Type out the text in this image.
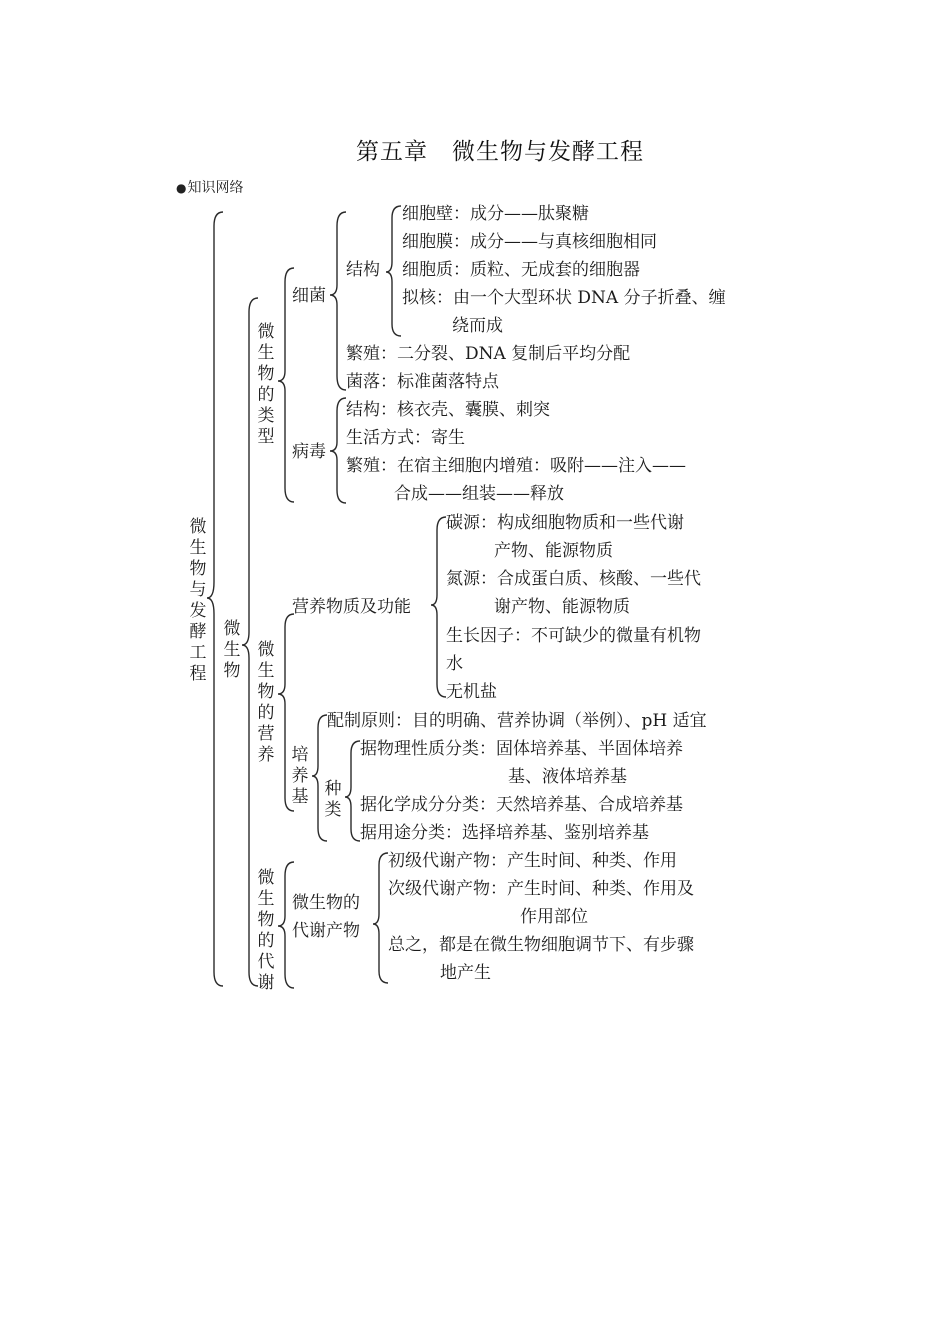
第五章　微生物与发酵工程
●知识网络
微生物与发酵工程
微生物
微生物的类型
细菌
结构
细胞壁：成分——肽聚糖
细胞膜：成分——与真核细胞相同
细胞质：质粒、无成套的细胞器
拟核：由一个大型环状 DNA 分子折叠、缠
绕而成
繁殖：二分裂、DNA 复制后平均分配
菌落：标准菌落特点
病毒
结构：核衣壳、囊膜、刺突
生活方式：寄生
繁殖：在宿主细胞内增殖：吸附——注入——
合成——组装——释放
微生物的营养
营养物质及功能
碳源：构成细胞物质和一些代谢
产物、能源物质
氮源：合成蛋白质、核酸、一些代
谢产物、能源物质
生长因子：不可缺少的微量有机物
水
无机盐
培养基
配制原则：目的明确、营养协调（举例）、pH 适宜
种类
据物理性质分类：固体培养基、半固体培养
基、液体培养基
据化学成分分类：天然培养基、合成培养基
据用途分类：选择培养基、鉴别培养基
微生物的代谢
微生物的
代谢产物
初级代谢产物：产生时间、种类、作用
次级代谢产物：产生时间、种类、作用及
作用部位
总之，都是在微生物细胞调节下、有步骤
地产生
